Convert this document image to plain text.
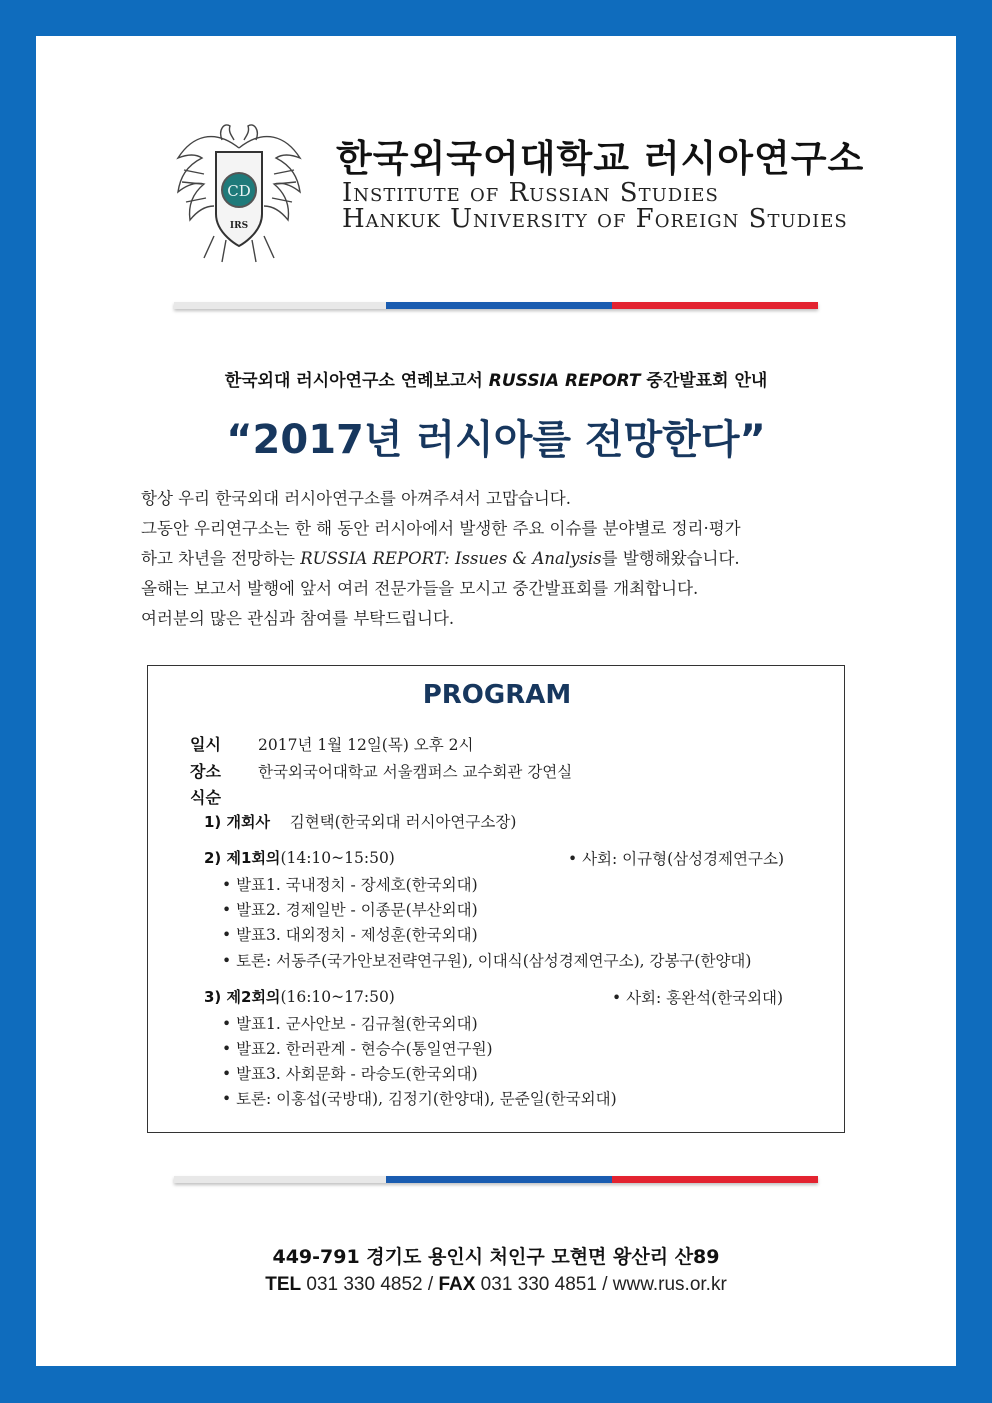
CD
IRS
한국외국어대학교 러시아연구소
Institute of Russian Studies
Hankuk University of Foreign Studies
한국외대 러시아연구소 연례보고서 RUSSIA REPORT 중간발표회 안내
“2017년 러시아를 전망한다”
항상 우리 한국외대 러시아연구소를 아껴주셔서 고맙습니다.
그동안 우리연구소는 한 해 동안 러시아에서 발생한 주요 이슈를 분야별로 정리·평가
하고 차년을 전망하는 RUSSIA REPORT: Issues & Analysis를 발행해왔습니다.
올해는 보고서 발행에 앞서 여러 전문가들을 모시고 중간발표회를 개최합니다.
여러분의 많은 관심과 참여를 부탁드립니다.
PROGRAM
일시 2017년 1월 12일(목) 오후 2시
장소 한국외국어대학교 서울캠퍼스 교수회관 강연실
식순
1) 개회사 김현택(한국외대 러시아연구소장)
2) 제1회의(14:10~15:50)	• 사회: 이규형(삼성경제연구소)
• 발표1. 국내정치 - 장세호(한국외대)
• 발표2. 경제일반 - 이종문(부산외대)
• 발표3. 대외정치 - 제성훈(한국외대)
• 토론: 서동주(국가안보전략연구원), 이대식(삼성경제연구소), 강봉구(한양대)
3) 제2회의(16:10~17:50)	• 사회: 홍완석(한국외대)
• 발표1. 군사안보 - 김규철(한국외대)
• 발표2. 한러관계 - 현승수(통일연구원)
• 발표3. 사회문화 - 라승도(한국외대)
• 토론: 이홍섭(국방대), 김정기(한양대), 문준일(한국외대)
449-791 경기도 용인시 처인구 모현면 왕산리 산89
TEL 031 330 4852 / FAX 031 330 4851 / www.rus.or.kr
